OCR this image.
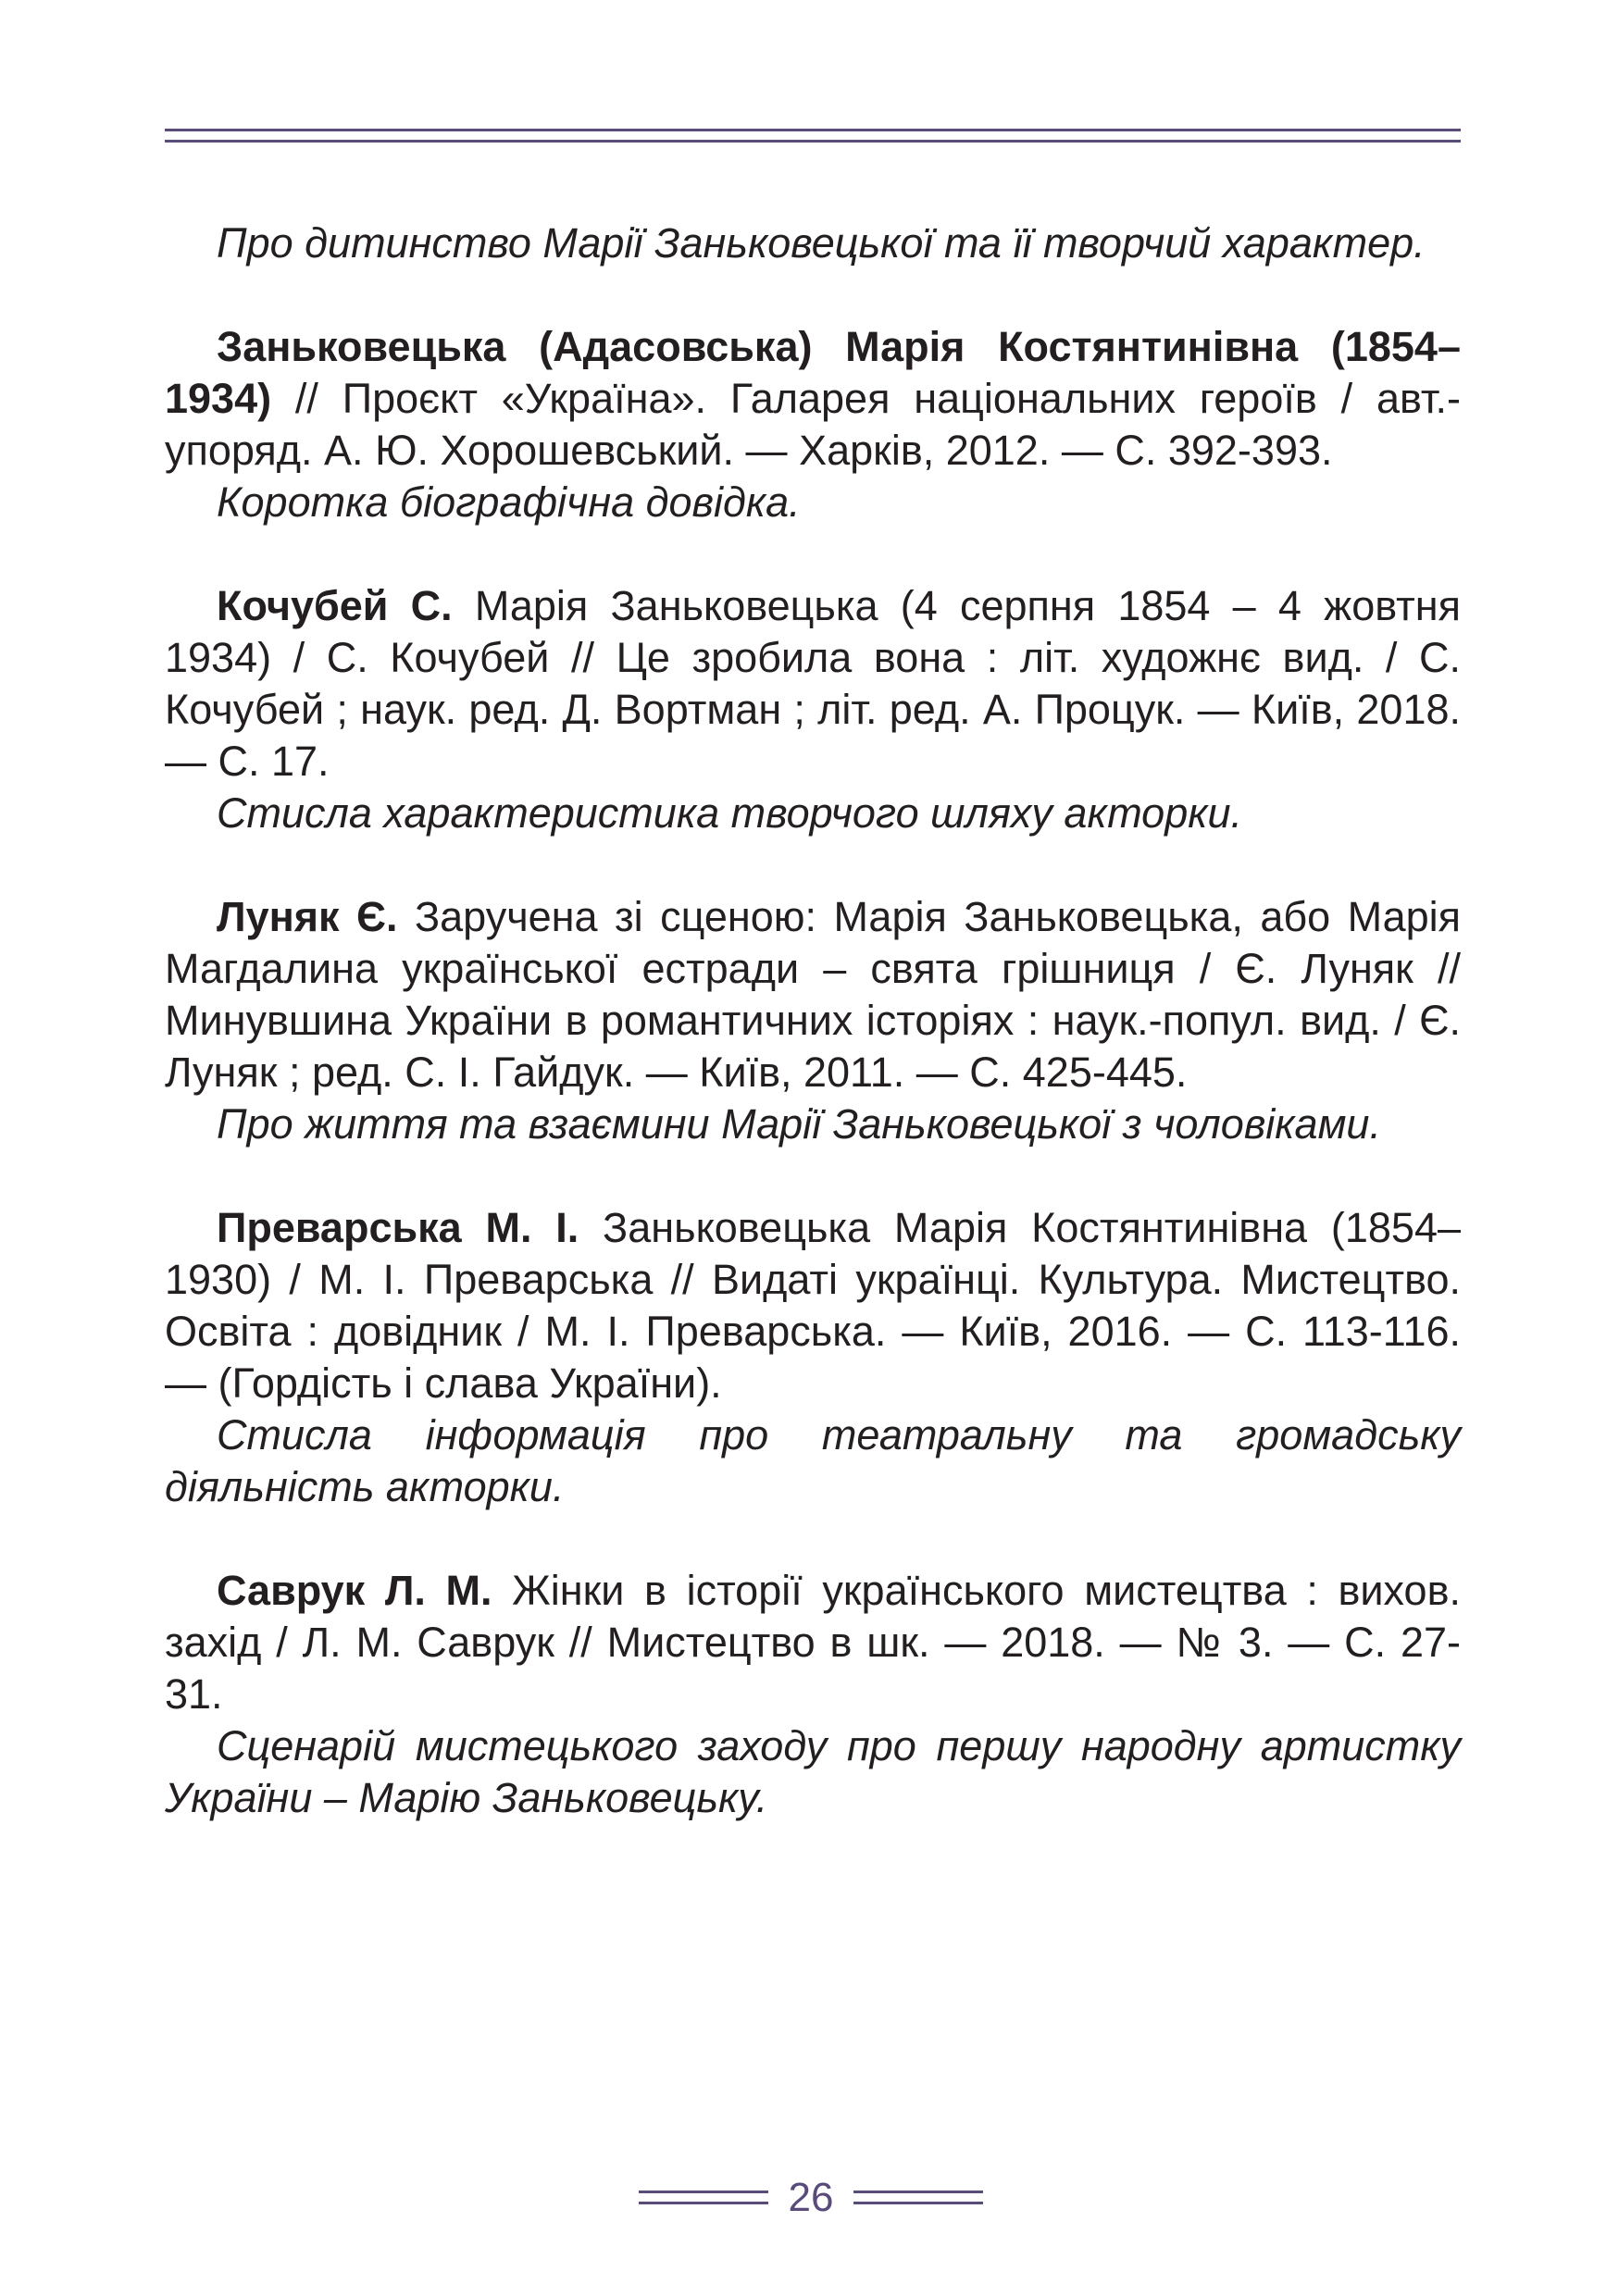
Про дитинство Марії Заньковецької та її творчий характер.

Заньковецька (Адасовська) Марія Костянтинівна (1854–1934) // Проєкт «Україна». Галарея національних героїв / авт.-упоряд. А. Ю. Хорошевський. — Харків, 2012. — С. 392-393.

Коротка біографічна довідка.

Кочубей С. Марія Заньковецька (4 серпня 1854 – 4 жовтня 1934) / С. Кочубей // Це зробила вона : літ. художнє вид. / С. Кочубей ; наук. ред. Д. Вортман ; літ. ред. А. Процук. — Київ, 2018. — С. 17.

Стисла характеристика творчого шляху акторки.

Луняк Є. Заручена зі сценою: Марія Заньковецька, або Марія Магдалина української естради – свята грішниця / Є. Луняк // Минувшина України в романтичних історіях : наук.-попул. вид. / Є. Луняк ; ред. С. І. Гайдук. — Київ, 2011. — С. 425-445.

Про життя та взаємини Марії Заньковецької з чоловіками.

Преварська М. І. Заньковецька Марія Костянтинівна (1854–1930) / М. І. Преварська // Видаті українці. Культура. Мистецтво. Освіта : довідник / М. І. Преварська. — Київ, 2016. — С. 113-116. — (Гордість і слава України).

Стисла інформація про театральну та громадську діяльність акторки.

Саврук Л. М. Жінки в історії українського мистецтва : вихов. захід / Л. М. Саврук // Мистецтво в шк. — 2018. — № 3. — С. 27-31.

Сценарій мистецького заходу про першу народну артистку України – Марію Заньковецьку.

26
